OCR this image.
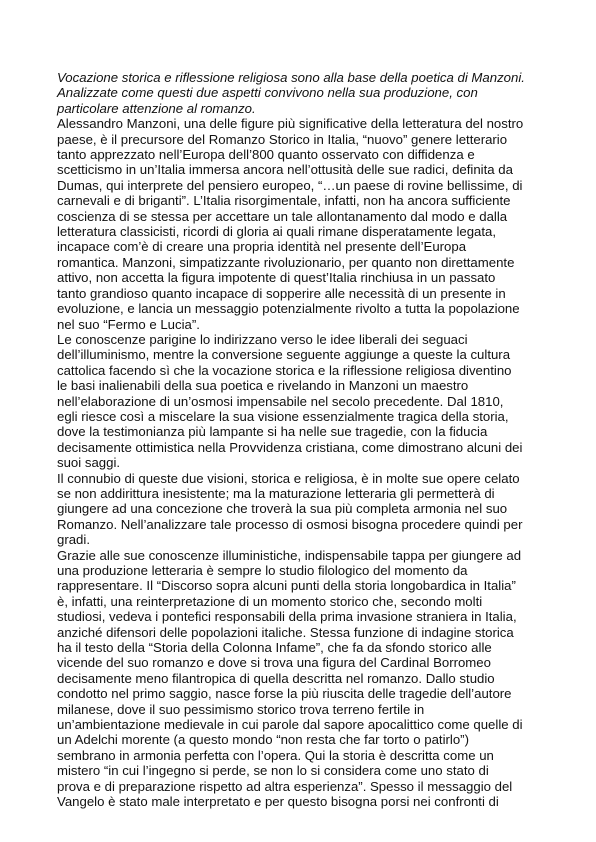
Vocazione storica e riflessione religiosa sono alla base della poetica di Manzoni. Analizzate come questi due aspetti convivono nella sua produzione, con particolare attenzione al romanzo.

Alessandro Manzoni, una delle figure più significative della letteratura del nostro paese, è il precursore del Romanzo Storico in Italia, “nuovo” genere letterario tanto apprezzato nell’Europa dell’800 quanto osservato con diffidenza e scetticismo in un’Italia immersa ancora nell’ottusità delle sue radici, definita da Dumas, qui interprete del pensiero europeo, “…un paese di rovine bellissime, di carnevali e di briganti”. L’Italia risorgimentale, infatti, non ha ancora sufficiente coscienza di se stessa per accettare un tale allontanamento dal modo e dalla letteratura classicisti, ricordi di gloria ai quali rimane disperatamente legata, incapace com’è di creare una propria identità nel presente dell’Europa romantica. Manzoni, simpatizzante rivoluzionario, per quanto non direttamente attivo, non accetta la figura impotente di quest’Italia rinchiusa in un passato tanto grandioso quanto incapace di sopperire alle necessità di un presente in evoluzione, e lancia un messaggio potenzialmente rivolto a tutta la popolazione nel suo “Fermo e Lucia”.

Le conoscenze parigine lo indirizzano verso le idee liberali dei seguaci dell’illuminismo, mentre la conversione seguente aggiunge a queste la cultura cattolica facendo sì che la vocazione storica e la riflessione religiosa diventino le basi inalienabili della sua poetica e rivelando in Manzoni un maestro nell’elaborazione di un’osmosi impensabile nel secolo precedente. Dal 1810, egli riesce così a miscelare la sua visione essenzialmente tragica della storia, dove la testimonianza più lampante si ha nelle sue tragedie, con la fiducia decisamente ottimistica nella Provvidenza cristiana, come dimostrano alcuni dei suoi saggi.

Il connubio di queste due visioni, storica e religiosa, è in molte sue opere celato se non addirittura inesistente; ma la maturazione letteraria gli permetterà di giungere ad una concezione che troverà la sua più completa armonia nel suo Romanzo. Nell’analizzare tale processo di osmosi bisogna procedere quindi per gradi.

Grazie alle sue conoscenze illuministiche, indispensabile tappa per giungere ad una produzione letteraria è sempre lo studio filologico del momento da rappresentare. Il “Discorso sopra alcuni punti della storia longobardica in Italia” è, infatti, una reinterpretazione di un momento storico che, secondo molti studiosi, vedeva i pontefici responsabili della prima invasione straniera in Italia, anziché difensori delle popolazioni italiche. Stessa funzione di indagine storica ha il testo della “Storia della Colonna Infame”, che fa da sfondo storico alle vicende del suo romanzo e dove si trova una figura del Cardinal Borromeo decisamente meno filantropica di quella descritta nel romanzo. Dallo studio condotto nel primo saggio, nasce forse la più riuscita delle tragedie dell’autore milanese, dove il suo pessimismo storico trova terreno fertile in un’ambientazione medievale in cui parole dal sapore apocalittico come quelle di un Adelchi morente (a questo mondo “non resta che far torto o patirlo”) sembrano in armonia perfetta con l’opera. Qui la storia è descritta come un mistero “in cui l’ingegno si perde, se non lo si considera come uno stato di prova e di preparazione rispetto ad altra esperienza”. Spesso il messaggio del Vangelo è stato male interpretato e per questo bisogna porsi nei confronti di
